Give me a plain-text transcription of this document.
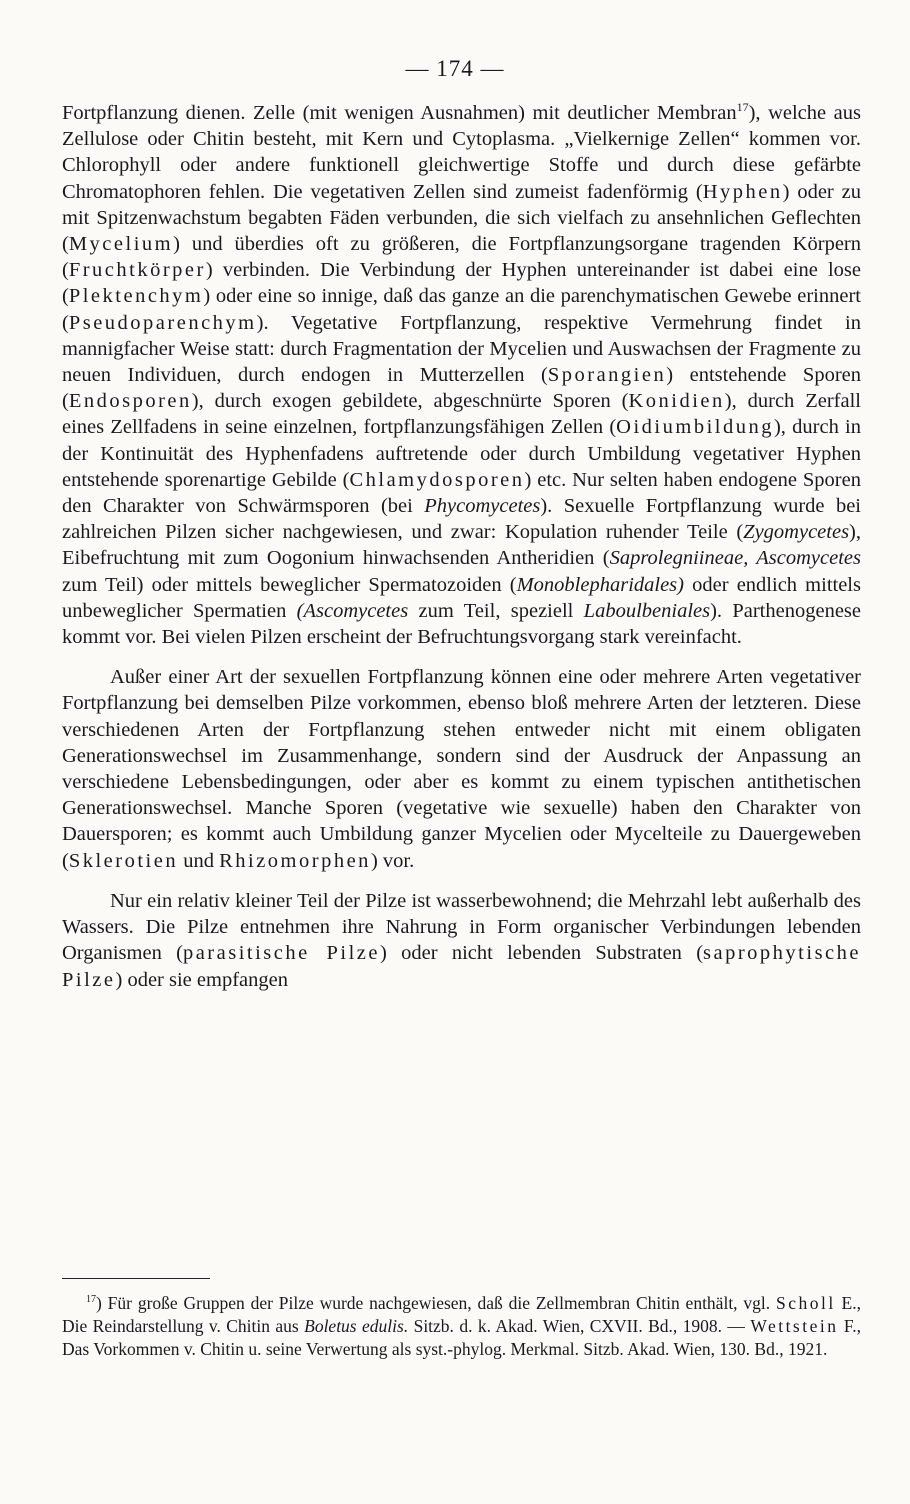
— 174 —

Fortpflanzung dienen. Zelle (mit wenigen Ausnahmen) mit deutlicher Membran$^{17}$), welche aus Zellulose oder Chitin besteht, mit Kern und Cytoplasma. „Vielkernige Zellen“ kommen vor. Chlorophyll oder andere funktionell gleichwertige Stoffe und durch diese gefärbte Chromatophoren fehlen. Die vegetativen Zellen sind zumeist fadenförmig (Hyphen) oder zu mit Spitzenwachstum begabten Fäden verbunden, die sich vielfach zu ansehnlichen Geflechten (Mycelium) und überdies oft zu größeren, die Fortpflanzungsorgane tragenden Körpern (Fruchtkörper) verbinden. Die Verbindung der Hyphen untereinander ist dabei eine lose (Plektenchym) oder eine so innige, daß das ganze an die parenchymatischen Gewebe erinnert (Pseudoparenchym). Vegetative Fortpflanzung, respektive Vermehrung findet in mannigfacher Weise statt: durch Fragmentation der Mycelien und Auswachsen der Fragmente zu neuen Individuen, durch endogen in Mutterzellen (Sporangien) entstehende Sporen (Endosporen), durch exogen gebildete, abgeschnürte Sporen (Konidien), durch Zerfall eines Zellfadens in seine einzelnen, fortpflanzungsfähigen Zellen (Oidiumbildung), durch in der Kontinuität des Hyphenfadens auftretende oder durch Umbildung vegetativer Hyphen entstehende sporenartige Gebilde (Chlamydosporen) etc. Nur selten haben endogene Sporen den Charakter von Schwärmsporen (bei Phycomycetes). Sexuelle Fortpflanzung wurde bei zahlreichen Pilzen sicher nachgewiesen, und zwar: Kopulation ruhender Teile (Zygomycetes), Eibefruchtung mit zum Oogonium hinwachsenden Antheridien (Saprolegniineae, Ascomycetes zum Teil) oder mittels beweglicher Spermatozoiden (Monoblepharidales) oder endlich mittels unbeweglicher Spermatien (Ascomycetes zum Teil, speziell Laboulbeniales). Parthenogenese kommt vor. Bei vielen Pilzen erscheint der Befruchtungsvorgang stark vereinfacht.

Außer einer Art der sexuellen Fortpflanzung können eine oder mehrere Arten vegetativer Fortpflanzung bei demselben Pilze vorkommen, ebenso bloß mehrere Arten der letzteren. Diese verschiedenen Arten der Fortpflanzung stehen entweder nicht mit einem obligaten Generationswechsel im Zusammenhange, sondern sind der Ausdruck der Anpassung an verschiedene Lebensbedingungen, oder aber es kommt zu einem typischen antithetischen Generationswechsel. Manche Sporen (vegetative wie sexuelle) haben den Charakter von Dauersporen; es kommt auch Umbildung ganzer Mycelien oder Mycelteile zu Dauergeweben (Sklerotien und Rhizomorphen) vor.

Nur ein relativ kleiner Teil der Pilze ist wasserbewohnend; die Mehrzahl lebt außerhalb des Wassers. Die Pilze entnehmen ihre Nahrung in Form organischer Verbindungen lebenden Organismen (parasitische Pilze) oder nicht lebenden Substraten (saprophytische Pilze) oder sie empfangen

$^{17}$) Für große Gruppen der Pilze wurde nachgewiesen, daß die Zellmembran Chitin enthält, vgl. Scholl E., Die Reindarstellung v. Chitin aus Boletus edulis. Sitzb. d. k. Akad. Wien, CXVII. Bd., 1908. — Wettstein F., Das Vorkommen v. Chitin u. seine Verwertung als syst.-phylog. Merkmal. Sitzb. Akad. Wien, 130. Bd., 1921.
